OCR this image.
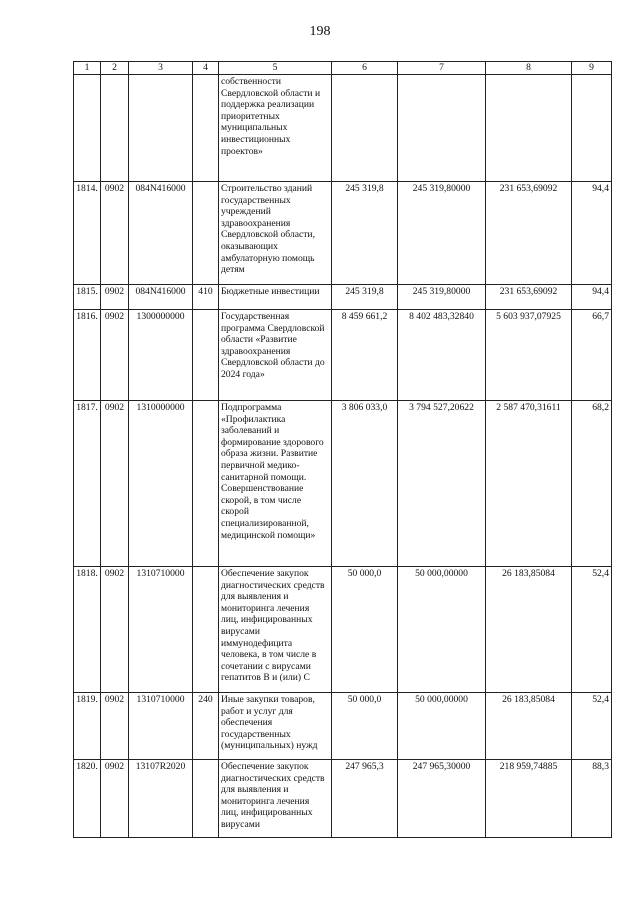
198
1	2	3	4	5	6	7	8	9
				собственности Свердловской области и поддержка реализации приоритетных муниципальных инвестиционных проектов»				
1814.	0902	084N416000		Строительство зданий государственных учреждений здравоохранения Свердловской области, оказывающих амбулаторную помощь детям	245 319,8	245 319,80000	231 653,69092	94,4
1815.	0902	084N416000	410	Бюджетные инвестиции	245 319,8	245 319,80000	231 653,69092	94,4
1816.	0902	1300000000		Государственная программа Свердловской области «Развитие здравоохранения Свердловской области до 2024 года»	8 459 661,2	8 402 483,32840	5 603 937,07925	66,7
1817.	0902	1310000000		Подпрограмма «Профилактика заболеваний и формирование здорового образа жизни. Развитие первичной медико-санитарной помощи. Совершенствование скорой, в том числе скорой специализированной, медицинской помощи»	3 806 033,0	3 794 527,20622	2 587 470,31611	68,2
1818.	0902	1310710000		Обеспечение закупок диагностических средств для выявления и мониторинга лечения лиц, инфицированных вирусами иммунодефицита человека, в том числе в сочетании с вирусами гепатитов B и (или) C	50 000,0	50 000,00000	26 183,85084	52,4
1819.	0902	1310710000	240	Иные закупки товаров, работ и услуг для обеспечения государственных (муниципальных) нужд	50 000,0	50 000,00000	26 183,85084	52,4
1820.	0902	13107R2020		Обеспечение закупок диагностических средств для выявления и мониторинга лечения лиц, инфицированных вирусами	247 965,3	247 965,30000	218 959,74885	88,3
